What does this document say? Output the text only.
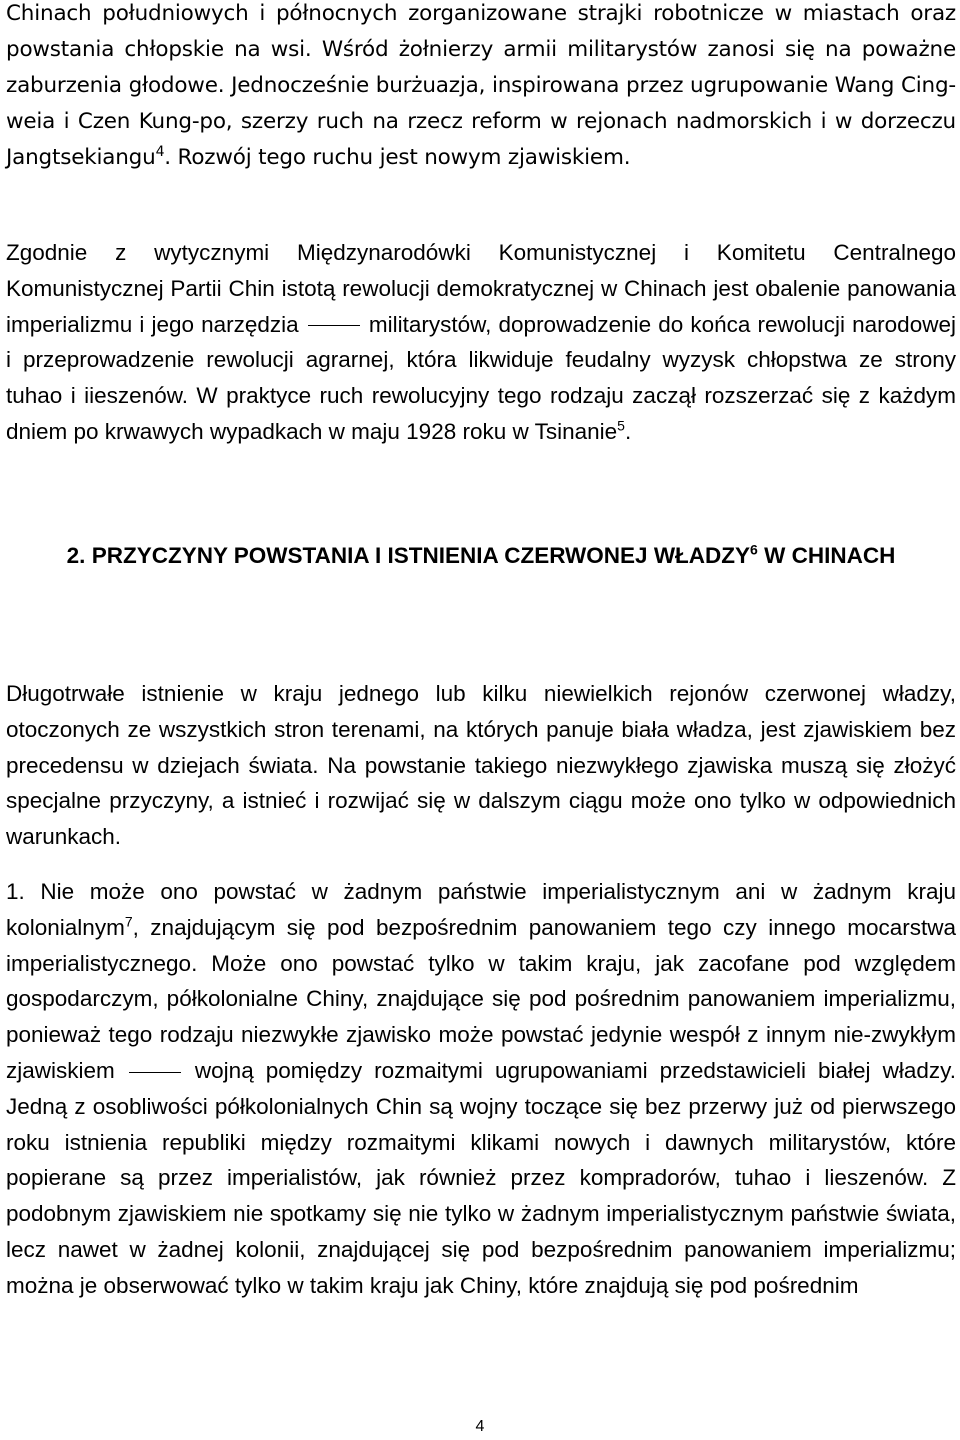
Chinach południowych i północnych zorganizowane strajki robotnicze w miastach oraz powstania chłopskie na wsi. Wśród żołnierzy armii militarystów zanosi się na poważne zaburzenia głodowe. Jednocześnie burżuazja, inspirowana przez ugrupowanie Wang Cing- weia i Czen Kung-po, szerzy ruch na rzecz reform w rejonach nadmorskich i w dorzeczu Jangtsekiangu$^4$. Rozwój tego ruchu jest nowym zjawiskiem.

Zgodnie z wytycznymi Międzynarodówki Komunistycznej i Komitetu Centralnego Komunistycznej Partii Chin istotą rewolucji demokratycznej w Chinach jest obalenie panowania imperializmu i jego narzędzia	militarystów, doprowadzenie do końca rewolucji narodowej i przeprowadzenie rewolucji agrarnej, która likwiduje feudalny wyzysk chłopstwa ze strony tuhao i iieszenów. W praktyce ruch rewolucyjny tego rodzaju zaczął rozszerzać się z każdym dniem po krwawych wypadkach w maju 1928 roku w Tsinanie$^5$.

2. PRZYCZYNY POWSTANIA I ISTNIENIA CZERWONEJ WŁADZY$^6$ W CHINACH

Długotrwałe istnienie w kraju jednego lub kilku niewielkich rejonów czerwonej władzy, otoczonych ze wszystkich stron terenami, na których panuje biała władza, jest zjawiskiem bez precedensu w dziejach świata. Na powstanie takiego niezwykłego zjawiska muszą się złożyć specjalne przyczyny, a istnieć i rozwijać się w dalszym ciągu może ono tylko w odpowiednich warunkach.

1. Nie może ono powstać w żadnym państwie imperialistycznym ani w żadnym kraju kolonialnym$^7$, znajdującym się pod bezpośrednim panowaniem tego czy innego mocarstwa imperialistycznego. Może ono powstać tylko w takim kraju, jak zacofane pod względem gospodarczym, półkolonialne Chiny, znajdujące się pod pośrednim panowaniem imperializmu, ponieważ tego rodzaju niezwykłe zjawisko może powstać jedynie wespół z innym nie-zwykłym zjawiskiem	wojną pomiędzy rozmaitymi ugrupowaniami przedstawicieli białej władzy. Jedną z osobliwości półkolonialnych Chin są wojny toczące się bez przerwy już od pierwszego roku istnienia republiki między rozmaitymi klikami nowych i dawnych militarystów, które popierane są przez imperialistów, jak również przez kompradorów, tuhao i lieszenów. Z podobnym zjawiskiem nie spotkamy się nie tylko w żadnym imperialistycznym państwie świata, lecz nawet w żadnej kolonii, znajdującej się pod bezpośrednim panowaniem imperializmu; można je obserwować tylko w takim kraju jak Chiny, które znajdują się pod pośrednim

4
